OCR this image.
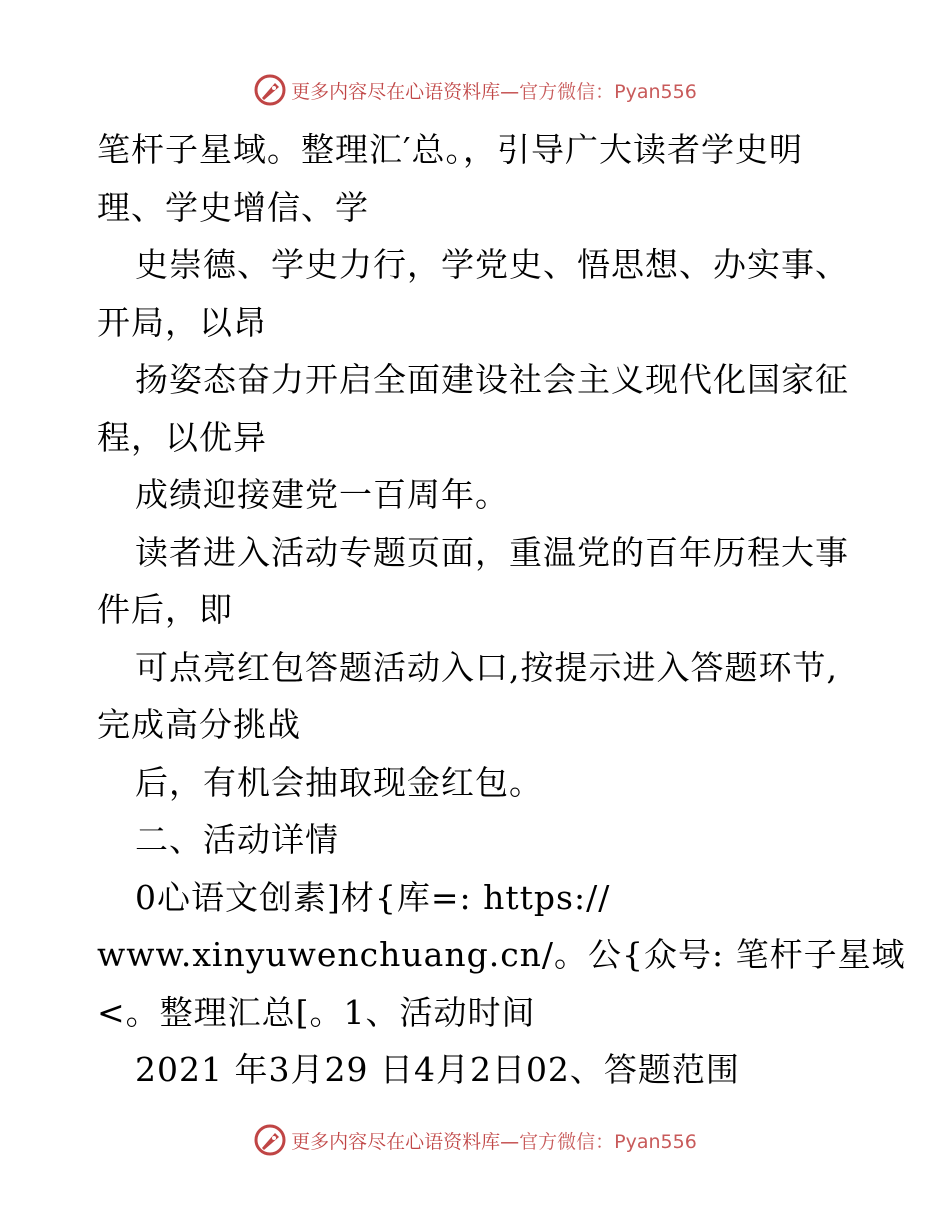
更多内容尽在心语资料库—官方微信：Pyan556
笔杆子星域。整理汇′总。，引导广大读者学史明
理、学史增信、学
史崇德、学史力行，学党史、悟思想、办实事、
开局，以昂
扬姿态奋力开启全面建设社会主义现代化国家征
程，以优异
成绩迎接建党一百周年。
读者进入活动专题页面，重温党的百年历程大事
件后，即
可点亮红包答题活动入口,按提示进入答题环节,
完成高分挑战
后，有机会抽取现金红包。
二、活动详情
0心语文创素]材{库=: https://
www.xinyuwenchuang.cn/。公{众号: 笔杆子星域
<。整理汇总[。1、活动时间
2021 年3月29 日4月2日02、答题范围
更多内容尽在心语资料库—官方微信：Pyan556
